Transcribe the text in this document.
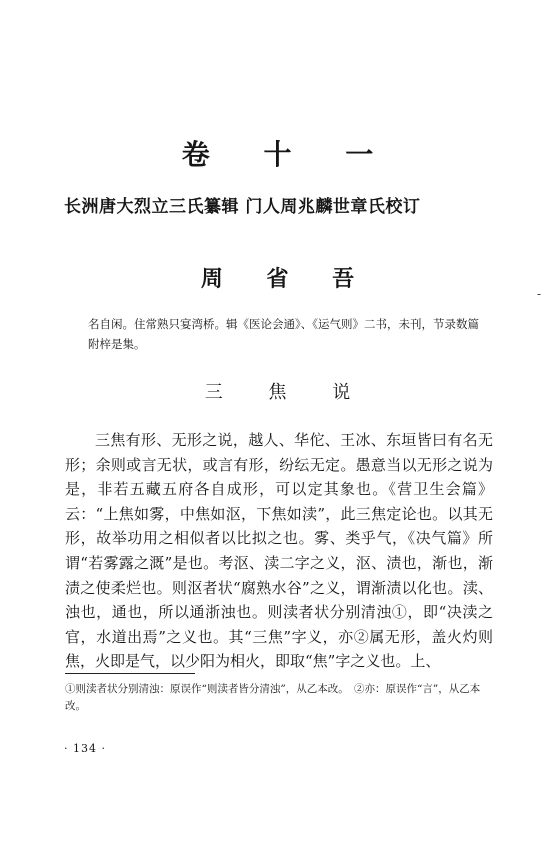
卷 十 一
长洲唐大烈立三氏纂辑 门人周兆麟世章氏校订
周 省 吾
名自闲。住常熟只宴湾桥。辑《医论会通》、《运气则》二书，未刊，节录数篇附梓是集。
三 焦 说

三焦有形、无形之说，越人、华佗、王冰、东垣皆曰有名无形；余则或言无状，或言有形，纷纭无定。愚意当以无形之说为是，非若五藏五府各自成形，可以定其象也。《营卫生会篇》云：“上焦如雾，中焦如沤，下焦如渎”，此三焦定论也。以其无形，故举功用之相似者以比拟之也。雾、类乎气，《决气篇》所谓“若雾露之溉”是也。考沤、渎二字之义，沤、渍也，渐也，渐渍之使柔烂也。则沤者状“腐熟水谷”之义，谓渐渍以化也。渎、浊也，通也，所以通浙浊也。则渎者状分别清浊①，即“决渎之官，水道出焉”之义也。其“三焦”字义，亦②属无形，盖火灼则焦，火即是气，以少阳为相火，即取“焦”字之义也。上、

①则渎者状分别清浊：原误作“则渎者皆分清浊”，从乙本改。　②亦：原误作“言”，从乙本改。
· 134 ·
-
